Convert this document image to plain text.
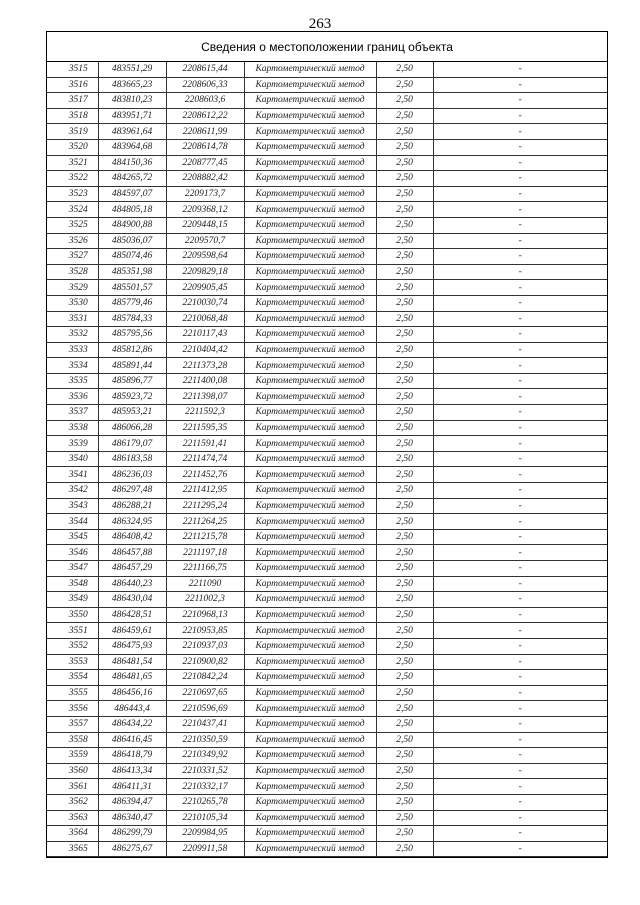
263
Сведения о местоположении границ объекта
3515	483551,29	2208615,44	Картометрический метод	2,50	-
3516	483665,23	2208606,33	Картометрический метод	2,50	-
3517	483810,23	2208603,6	Картометрический метод	2,50	-
3518	483951,71	2208612,22	Картометрический метод	2,50	-
3519	483961,64	2208611,99	Картометрический метод	2,50	-
3520	483964,68	2208614,78	Картометрический метод	2,50	-
3521	484150,36	2208777,45	Картометрический метод	2,50	-
3522	484265,72	2208882,42	Картометрический метод	2,50	-
3523	484597,07	2209173,7	Картометрический метод	2,50	-
3524	484805,18	2209368,12	Картометрический метод	2,50	-
3525	484900,88	2209448,15	Картометрический метод	2,50	-
3526	485036,07	2209570,7	Картометрический метод	2,50	-
3527	485074,46	2209598,64	Картометрический метод	2,50	-
3528	485351,98	2209829,18	Картометрический метод	2,50	-
3529	485501,57	2209905,45	Картометрический метод	2,50	-
3530	485779,46	2210030,74	Картометрический метод	2,50	-
3531	485784,33	2210068,48	Картометрический метод	2,50	-
3532	485795,56	2210117,43	Картометрический метод	2,50	-
3533	485812,86	2210404,42	Картометрический метод	2,50	-
3534	485891,44	2211373,28	Картометрический метод	2,50	-
3535	485896,77	2211400,08	Картометрический метод	2,50	-
3536	485923,72	2211398,07	Картометрический метод	2,50	-
3537	485953,21	2211592,3	Картометрический метод	2,50	-
3538	486066,28	2211595,35	Картометрический метод	2,50	-
3539	486179,07	2211591,41	Картометрический метод	2,50	-
3540	486183,58	2211474,74	Картометрический метод	2,50	-
3541	486236,03	2211452,76	Картометрический метод	2,50	-
3542	486297,48	2211412,95	Картометрический метод	2,50	-
3543	486288,21	2211295,24	Картометрический метод	2,50	-
3544	486324,95	2211264,25	Картометрический метод	2,50	-
3545	486408,42	2211215,78	Картометрический метод	2,50	-
3546	486457,88	2211197,18	Картометрический метод	2,50	-
3547	486457,29	2211166,75	Картометрический метод	2,50	-
3548	486440,23	2211090	Картометрический метод	2,50	-
3549	486430,04	2211002,3	Картометрический метод	2,50	-
3550	486428,51	2210968,13	Картометрический метод	2,50	-
3551	486459,61	2210953,85	Картометрический метод	2,50	-
3552	486475,93	2210937,03	Картометрический метод	2,50	-
3553	486481,54	2210900,82	Картометрический метод	2,50	-
3554	486481,65	2210842,24	Картометрический метод	2,50	-
3555	486456,16	2210697,65	Картометрический метод	2,50	-
3556	486443,4	2210596,69	Картометрический метод	2,50	-
3557	486434,22	2210437,41	Картометрический метод	2,50	-
3558	486416,45	2210350,59	Картометрический метод	2,50	-
3559	486418,79	2210349,92	Картометрический метод	2,50	-
3560	486413,34	2210331,52	Картометрический метод	2,50	-
3561	486411,31	2210332,17	Картометрический метод	2,50	-
3562	486394,47	2210265,78	Картометрический метод	2,50	-
3563	486340,47	2210105,34	Картометрический метод	2,50	-
3564	486299,79	2209984,95	Картометрический метод	2,50	-
3565	486275,67	2209911,58	Картометрический метод	2,50	-
